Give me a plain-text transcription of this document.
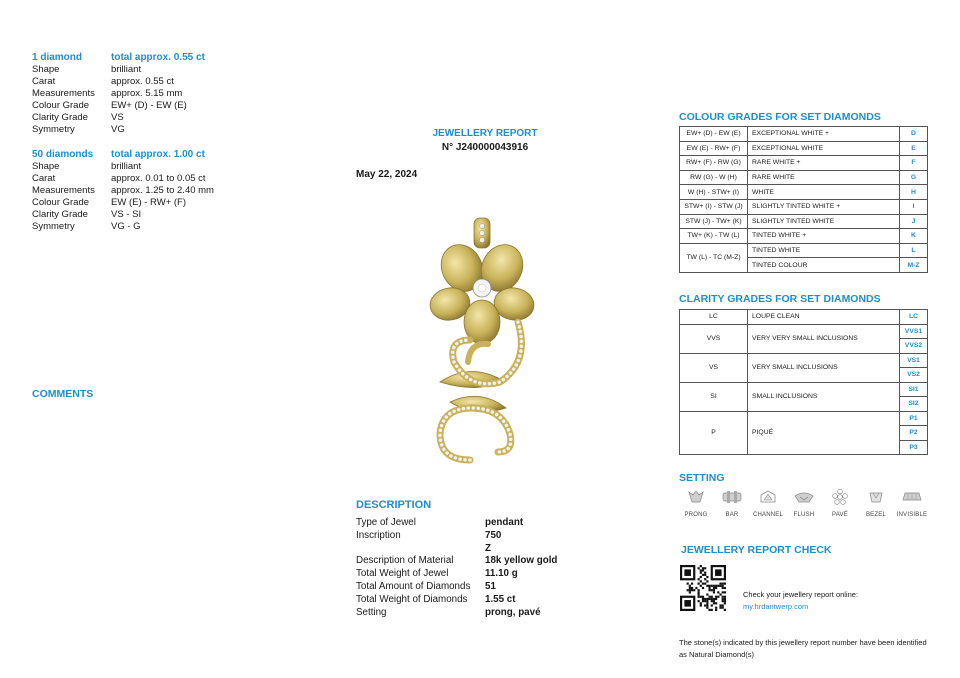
1 diamond	total approx. 0.55 ct
Shape	brilliant
Carat	approx. 0.55 ct
Measurements	approx. 5.15 mm
Colour Grade	EW+ (D) - EW (E)
Clarity Grade	VS
Symmetry	VG
50 diamonds	total approx. 1.00 ct
Shape	brilliant
Carat	approx. 0.01 to 0.05 ct
Measurements	approx. 1.25 to 2.40 mm
Colour Grade	EW (E) - RW+ (F)
Clarity Grade	VS - SI
Symmetry	VG - G
COMMENTS
JEWELLERY REPORT
N° J240000043916
May 22, 2024
DESCRIPTION
Type of Jewel	pendant
Inscription	750
Z
Description of Material	18k yellow gold
Total Weight of Jewel	11.10 g
Total Amount of Diamonds	51
Total Weight of Diamonds	1.55 ct
Setting	prong, pavé
COLOUR GRADES FOR SET DIAMONDS
EW+ (D) - EW (E)	EXCEPTIONAL WHITE +	D

EW (E) - RW+ (F)	EXCEPTIONAL WHITE	E

RW+ (F) - RW (G)	RARE WHITE +	F

RW (G) - W (H)	RARE WHITE	G

W (H) - STW+ (I)	WHITE	H

STW+ (I) - STW (J)	SLIGHTLY TINTED WHITE +	I

STW (J) - TW+ (K)	SLIGHTLY TINTED WHITE	J

TW+ (K) - TW (L)	TINTED WHITE +	K

TW (L) - TC (M-Z)	TINTED WHITE	L

	TINTED COLOUR	M-Z

CLARITY GRADES FOR SET DIAMONDS
LC	LOUPE CLEAN	LC
VVS	VERY VERY SMALL INCLUSIONS	VVS1
		VVS2
VS	VERY SMALL INCLUSIONS	VS1
		VS2
SI	SMALL INCLUSIONS	SI1
		SI2
P	PIQUÉ	P1
		P2
		P3
SETTING
PRONG	BAR CHANNEL FLUSH	PAVÉ	BEZEL INVISIBLE
JEWELLERY REPORT CHECK
Check your jewellery report online:
my.hrdantwerp.com
The stone(s) indicated by this jewellery report number have been identified as Natural Diamond(s)
